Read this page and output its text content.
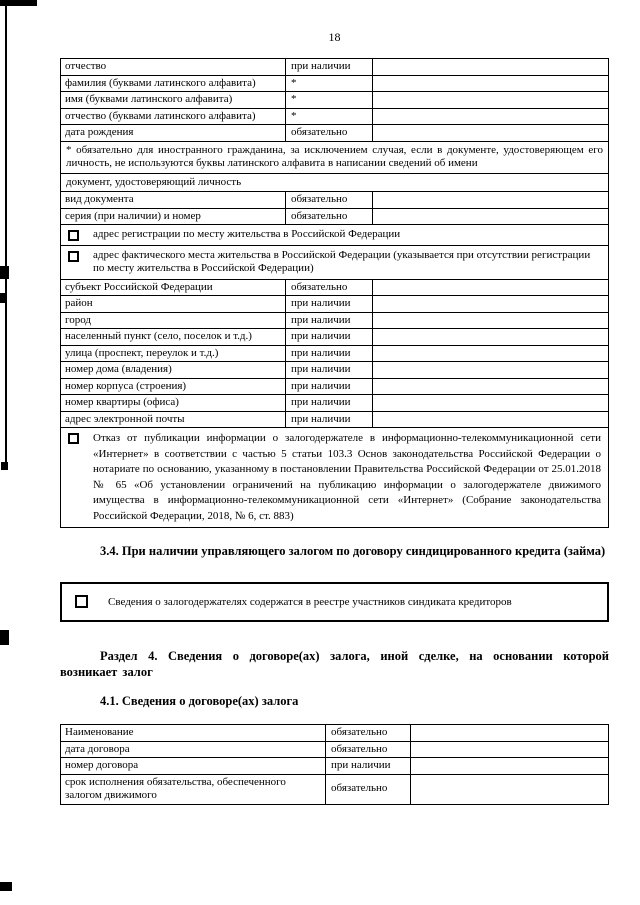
18
отчество	при наличии	
фамилия (буквами латинского алфавита)	*	
имя (буквами латинского алфавита)	*	
отчество (буквами латинского алфавита)	*	
дата рождения	обязательно	
* обязательно для иностранного гражданина, за исключением случая, если в документе, удостоверяющем его личность, не используются буквы латинского алфавита в написании сведений об имени		
документ, удостоверяющий личность		
вид документа	обязательно	
серия (при наличии) и номер	обязательно	

адрес регистрации по месту жительства в Российской Федерации		

адрес фактического места жительства в Российской Федерации (указывается при отсутствии регистрации по месту жительства в Российской Федерации)		

субъект Российской Федерации	обязательно	
район	при наличии	
город	при наличии	
населенный пункт (село, поселок и т.д.)	при наличии	
улица (проспект, переулок и т.д.)	при наличии	
номер дома (владения)	при наличии	
номер корпуса (строения)	при наличии	
номер квартиры (офиса)	при наличии	
адрес электронной почты	при наличии	

Отказ от публикации информации о залогодержателе в информационно-телекоммуникационной сети «Интернет» в соответствии с частью 5 статьи 103.3 Основ законодательства Российской Федерации о нотариате по основанию, указанному в постановлении Правительства Российской Федерации от 25.01.2018 № 65 «Об установлении ограничений на публикацию информации о залогодержателе движимого имущества в информационно-телекоммуникационной сети «Интернет» (Собрание законодательства Российской Федерации, 2018, № 6, ст. 883)		
3.4. При наличии управляющего залогом по договору синдицированного кредита (займа)
Сведения о залогодержателях содержатся в реестре участников синдиката кредиторов
Раздел 4. Сведения о договоре(ах) залога, иной сделке, на основании которой возникает залог
4.1. Сведения о договоре(ах) залога
Наименование	обязательно	
дата договора	обязательно	
номер договора	при наличии	
срок исполнения обязательства, обеспеченного залогом движимого	обязательно	
